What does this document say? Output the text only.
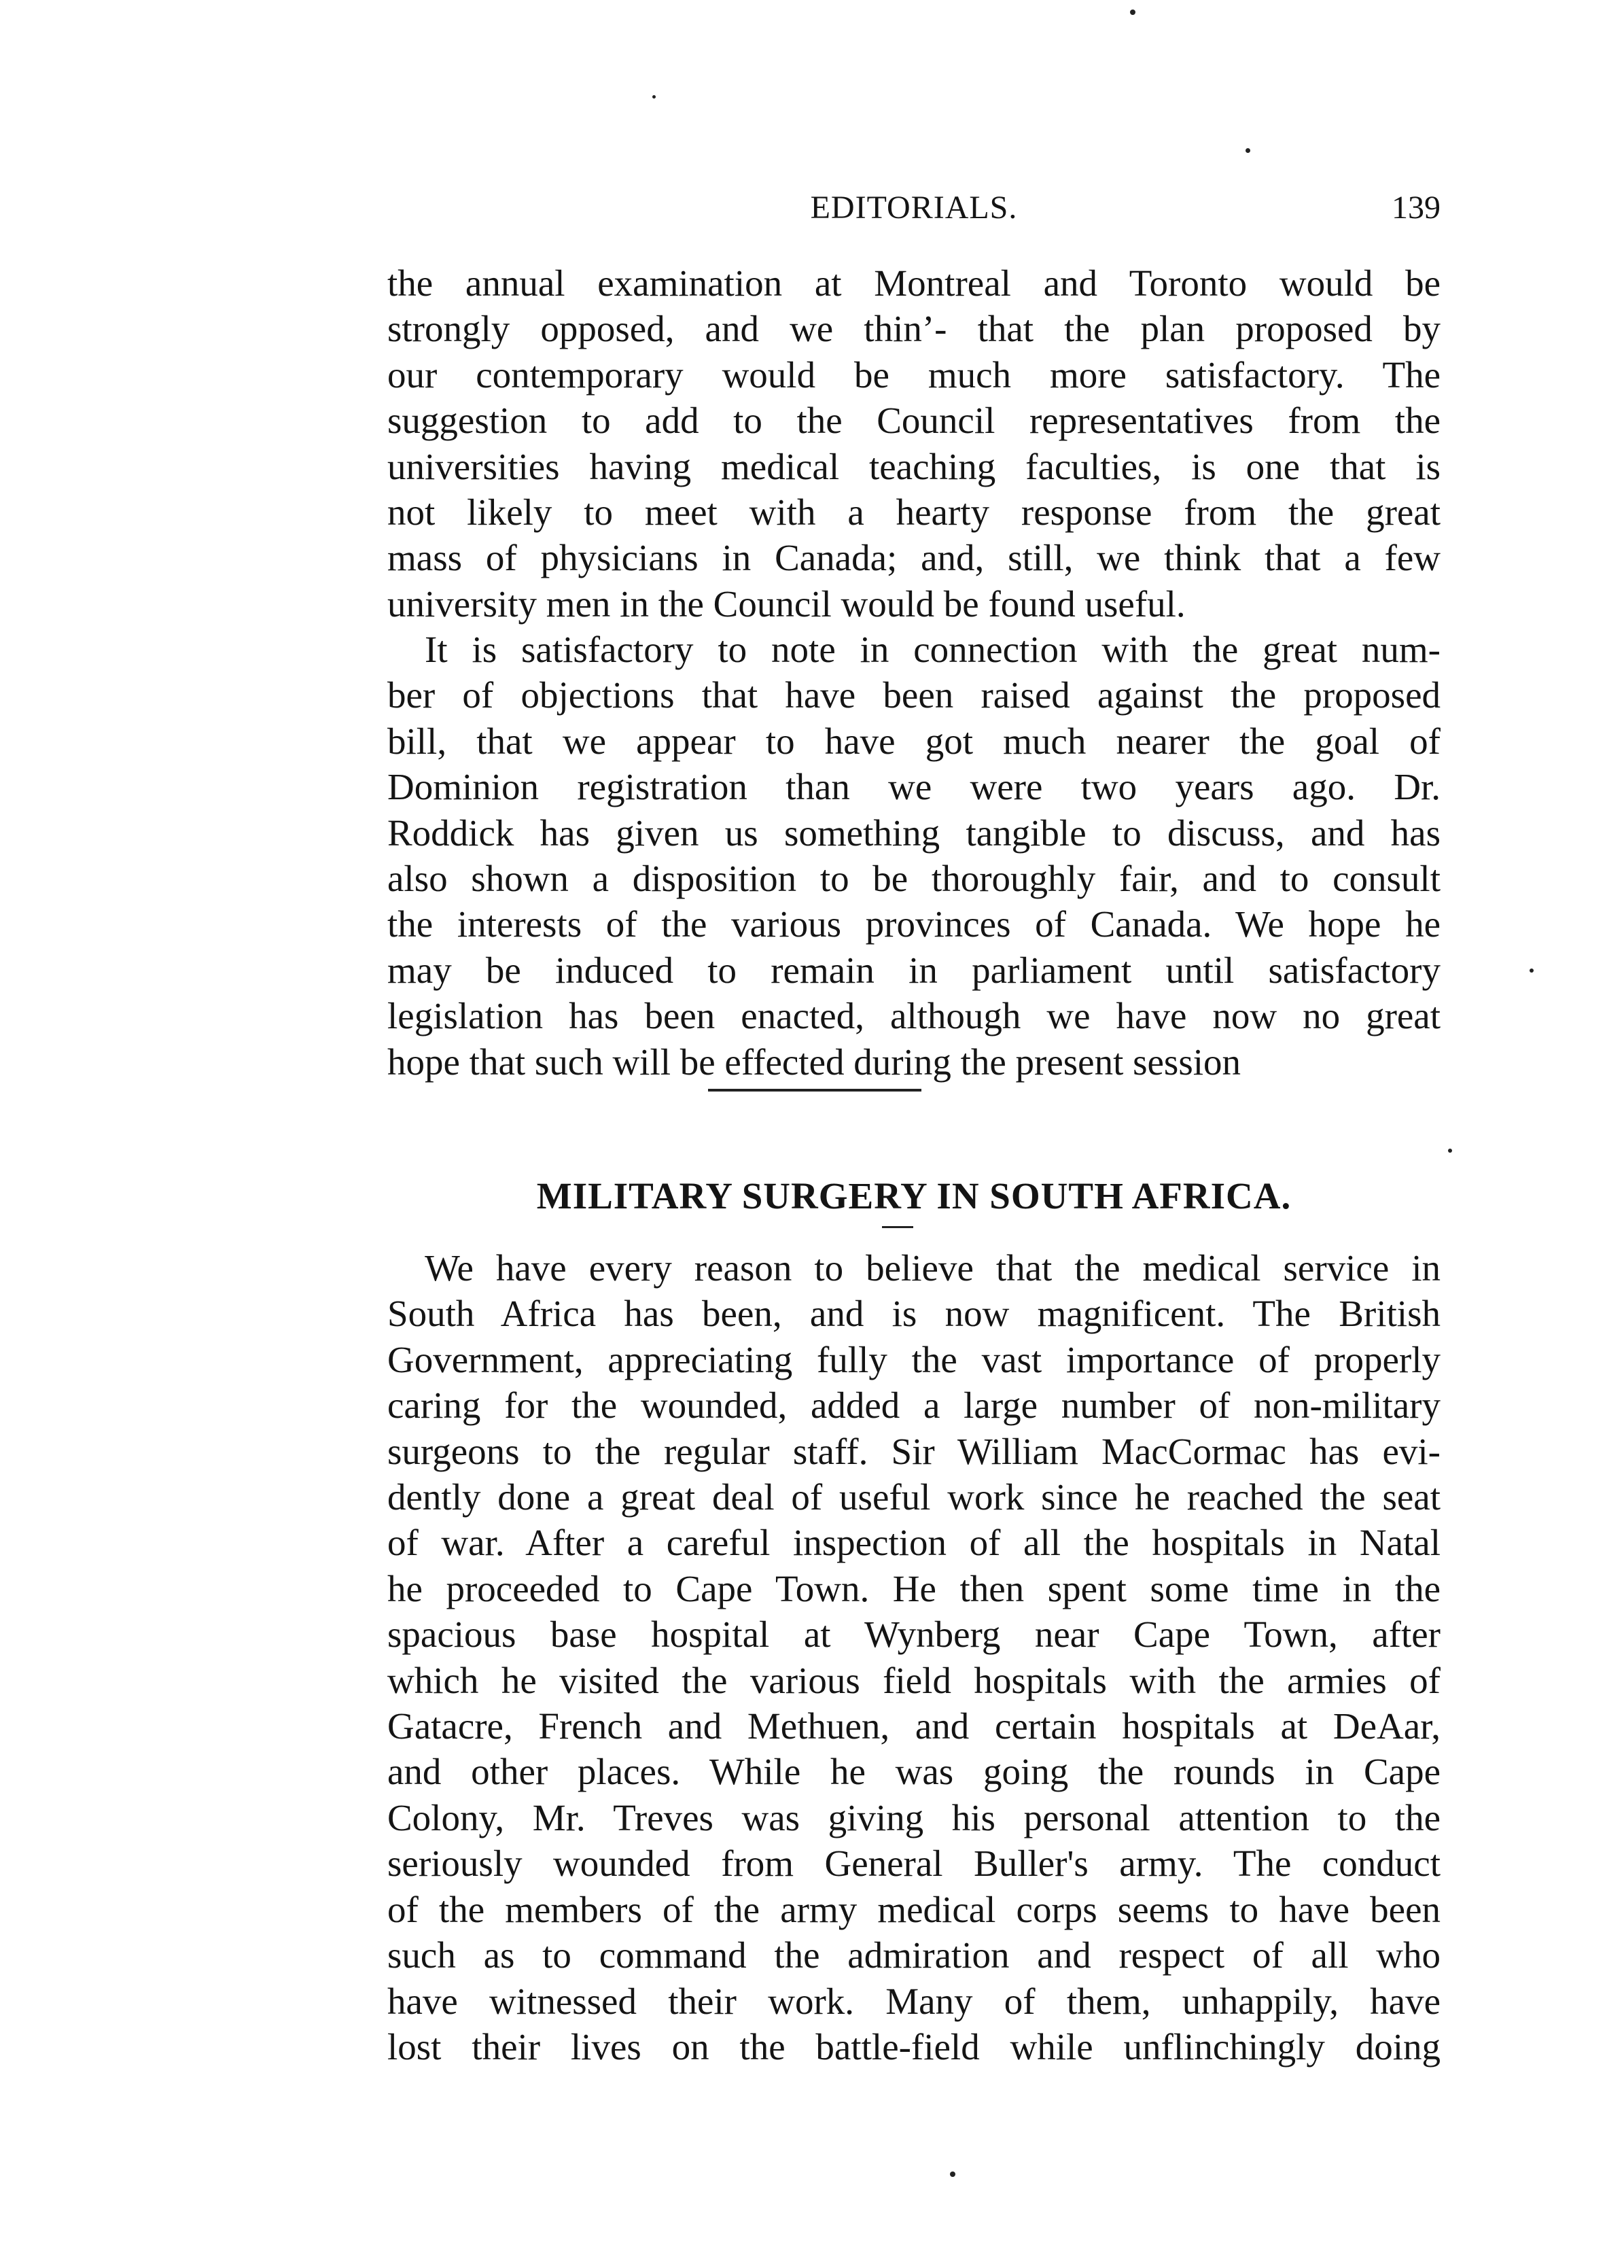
EDITORIALS.	139

the annual examination at Montreal and Toronto would be
strongly opposed, and we thinʼ- that the plan proposed by
our contemporary would be much more satisfactory. The
suggestion to add to the Council representatives from the
universities having medical teaching faculties, is one that is
not likely to meet with a hearty response from the great
mass of physicians in Canada; and, still, we think that a few
university men in the Council would be found useful.

It is satisfactory to note in connection with the great num-
ber of objections that have been raised against the proposed
bill, that we appear to have got much nearer the goal of
Dominion registration than we were two years ago. Dr.
Roddick has given us something tangible to discuss, and has
also shown a disposition to be thoroughly fair, and to consult
the interests of the various provinces of Canada. We hope he
may be induced to remain in parliament until satisfactory
legislation has been enacted, although we have now no great
hope that such will be effected during the present session

MILITARY SURGERY IN SOUTH AFRICA.

We have every reason to believe that the medical service in
South Africa has been, and is now magnificent. The British
Government, appreciating fully the vast importance of properly
caring for the wounded, added a large number of non-military
surgeons to the regular staff. Sir William MacCormac has evi-
dently done a great deal of useful work since he reached the seat
of war. After a careful inspection of all the hospitals in Natal
he proceeded to Cape Town. He then spent some time in the
spacious base hospital at Wynberg near Cape Town, after
which he visited the various field hospitals with the armies of
Gatacre, French and Methuen, and certain hospitals at DeAar,
and other places. While he was going the rounds in Cape
Colony, Mr. Treves was giving his personal attention to the
seriously wounded from General Buller's army. The conduct
of the members of the army medical corps seems to have been
such as to command the admiration and respect of all who
have witnessed their work. Many of them, unhappily, have
lost their lives on the battle-field while unflinchingly doing
